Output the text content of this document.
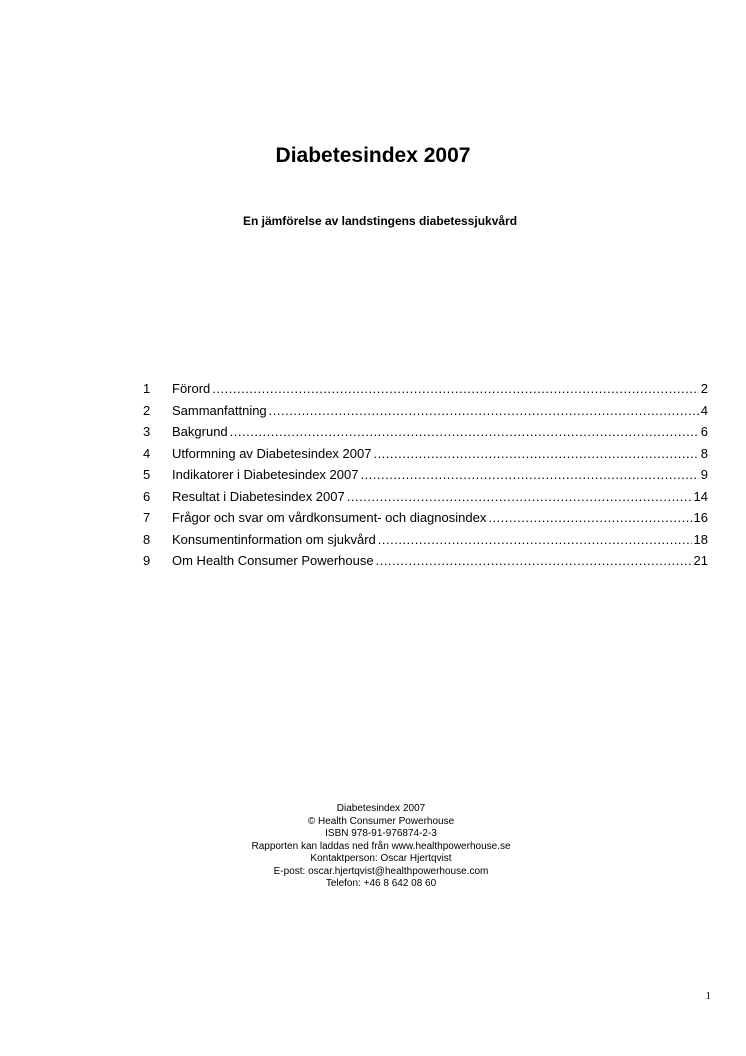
Diabetesindex 2007
En jämförelse av landstingens diabetessjukvård
1	Förord .....	2
2	Sammanfattning .....	4
3	Bakgrund .....	6
4	Utformning av Diabetesindex 2007 .....	8
5	Indikatorer i Diabetesindex 2007 .....	9
6	Resultat i Diabetesindex 2007 .....	14
7	Frågor och svar om vårdkonsument- och diagnosindex .....	16
8	Konsumentinformation om sjukvård .....	18
9	Om Health Consumer Powerhouse .....	21
Diabetesindex 2007
© Health Consumer Powerhouse
ISBN 978-91-976874-2-3
Rapporten kan laddas ned från www.healthpowerhouse.se
Kontaktperson: Oscar Hjertqvist
E-post: oscar.hjertqvist@healthpowerhouse.com
Telefon: +46 8 642 08 60
1
